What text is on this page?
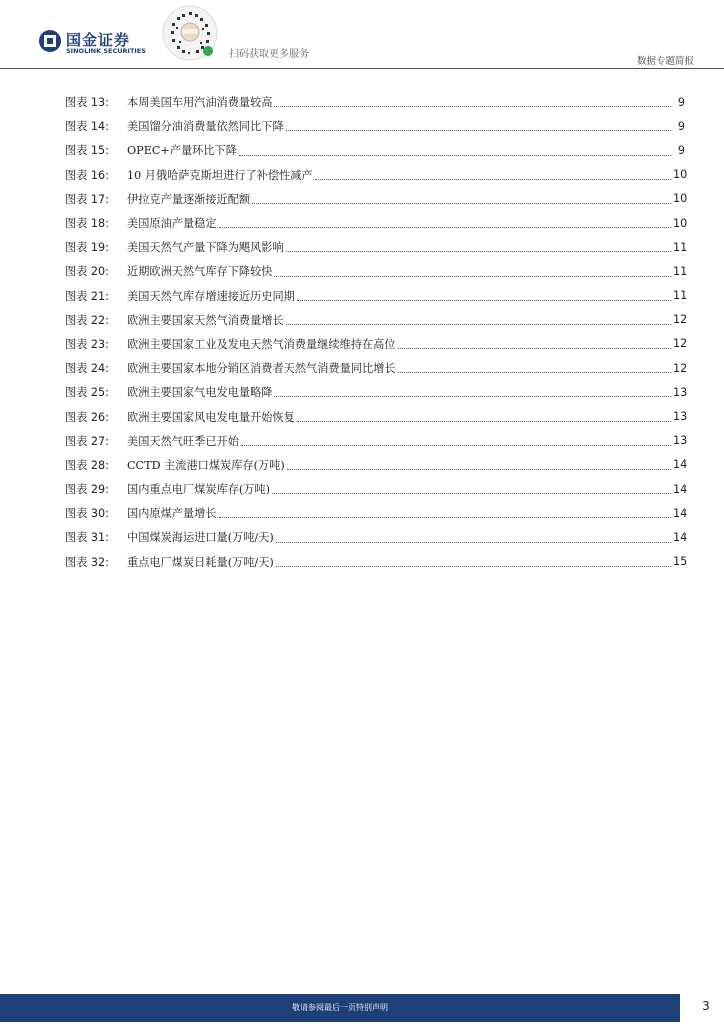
国金证券
SINOLINK SECURITIES	扫码获取更多服务
数据专题简报
图表 13:	本周美国车用汽油消费量较高	9
图表 14:	美国馏分油消费量依然同比下降	9
图表 15:	OPEC+产量环比下降	9
图表 16:	10 月俄哈萨克斯坦进行了补偿性减产	10
图表 17:	伊拉克产量逐渐接近配额	10
图表 18:	美国原油产量稳定	10
图表 19:	美国天然气产量下降为飓风影响	11
图表 20:	近期欧洲天然气库存下降较快	11
图表 21:	美国天然气库存增速接近历史同期	11
图表 22:	欧洲主要国家天然气消费量增长	12
图表 23:	欧洲主要国家工业及发电天然气消费量继续维持在高位	12
图表 24:	欧洲主要国家本地分销区消费者天然气消费量同比增长	12
图表 25:	欧洲主要国家气电发电量略降	13
图表 26:	欧洲主要国家风电发电量开始恢复	13
图表 27:	美国天然气旺季已开始	13
图表 28:	CCTD 主流港口煤炭库存(万吨)	14
图表 29:	国内重点电厂煤炭库存(万吨)	14
图表 30:	国内原煤产量增长	14
图表 31:	中国煤炭海运进口量(万吨/天)	14
图表 32:	重点电厂煤炭日耗量(万吨/天)	15
敬请参阅最后一页特别声明	3
